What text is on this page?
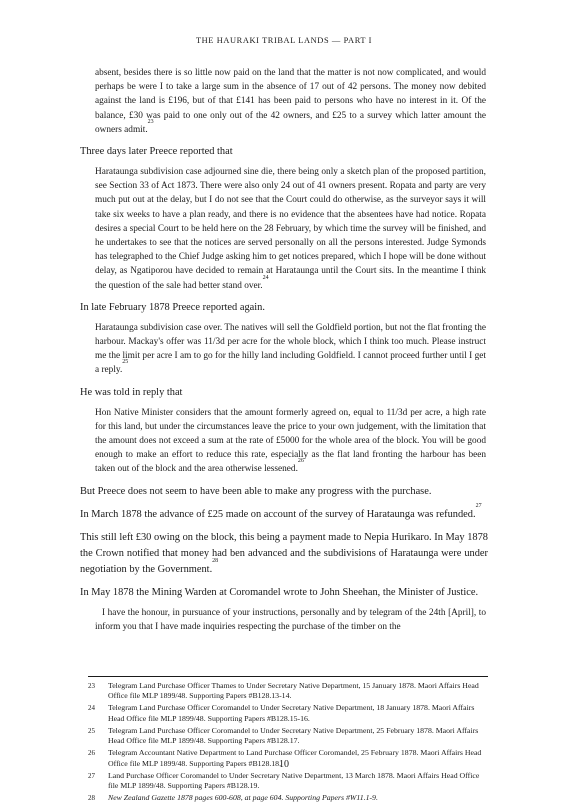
THE HAURAKI TRIBAL LANDS — PART I

absent, besides there is so little now paid on the land that the matter is not now complicated, and would perhaps be were I to take a large sum in the absence of 17 out of 42 persons. The money now debited against the land is £196, but of that £141 has been paid to persons who have no interest in it. Of the balance, £30 was paid to one only out of the 42 owners, and £25 to a survey which latter amount the owners admit.$^{23}$

Three days later Preece reported that

Harataunga subdivision case adjourned sine die, there being only a sketch plan of the proposed partition, see Section 33 of Act 1873. There were also only 24 out of 41 owners present. Ropata and party are very much put out at the delay, but I do not see that the Court could do otherwise, as the surveyor says it will take six weeks to have a plan ready, and there is no evidence that the absentees have had notice. Ropata desires a special Court to be held here on the 28 February, by which time the survey will be finished, and he undertakes to see that the notices are served personally on all the persons interested. Judge Symonds has telegraphed to the Chief Judge asking him to get notices prepared, which I hope will be done without delay, as Ngatiporou have decided to remain at Harataunga until the Court sits. In the meantime I think the question of the sale had better stand over.$^{24}$

In late February 1878 Preece reported again.

Harataunga subdivision case over. The natives will sell the Goldfield portion, but not the flat fronting the harbour. Mackay's offer was 11/3d per acre for the whole block, which I think too much. Please instruct me the limit per acre I am to go for the hilly land including Goldfield. I cannot proceed further until I get a reply.$^{25}$

He was told in reply that

Hon Native Minister considers that the amount formerly agreed on, equal to 11/3d per acre, a high rate for this land, but under the circumstances leave the price to your own judgement, with the limitation that the amount does not exceed a sum at the rate of £5000 for the whole area of the block. You will be good enough to make an effort to reduce this rate, especially as the flat land fronting the harbour has been taken out of the block and the area otherwise lessened.$^{26}$

But Preece does not seem to have been able to make any progress with the purchase.

In March 1878 the advance of £25 made on account of the survey of Harataunga was refunded.$^{27}$

This still left £30 owing on the block, this being a payment made to Nepia Hurikaro. In May 1878 the Crown notified that money had ben advanced and the subdivisions of Harataunga were under negotiation by the Government.$^{28}$

In May 1878 the Mining Warden at Coromandel wrote to John Sheehan, the Minister of Justice.

I have the honour, in pursuance of your instructions, personally and by telegram of the 24th [April], to inform you that I have made inquiries respecting the purchase of the timber on the

23	Telegram Land Purchase Officer Thames to Under Secretary Native Department, 15 January 1878. Maori Affairs Head Office file MLP 1899/48. Supporting Papers #B128.13-14.
24	Telegram Land Purchase Officer Coromandel to Under Secretary Native Department, 18 January 1878. Maori Affairs Head Office file MLP 1899/48. Supporting Papers #B128.15-16.
25	Telegram Land Purchase Officer Coromandel to Under Secretary Native Department, 25 February 1878. Maori Affairs Head Office file MLP 1899/48. Supporting Papers #B128.17.
26	Telegram Accountant Native Department to Land Purchase Officer Coromandel, 25 February 1878. Maori Affairs Head Office file MLP 1899/48. Supporting Papers #B128.18.
27	Land Purchase Officer Coromandel to Under Secretary Native Department, 13 March 1878. Maori Affairs Head Office file MLP 1899/48. Supporting Papers #B128.19.
28	New Zealand Gazette 1878 pages 600-608, at page 604. Supporting Papers #W11.1-9.
10
